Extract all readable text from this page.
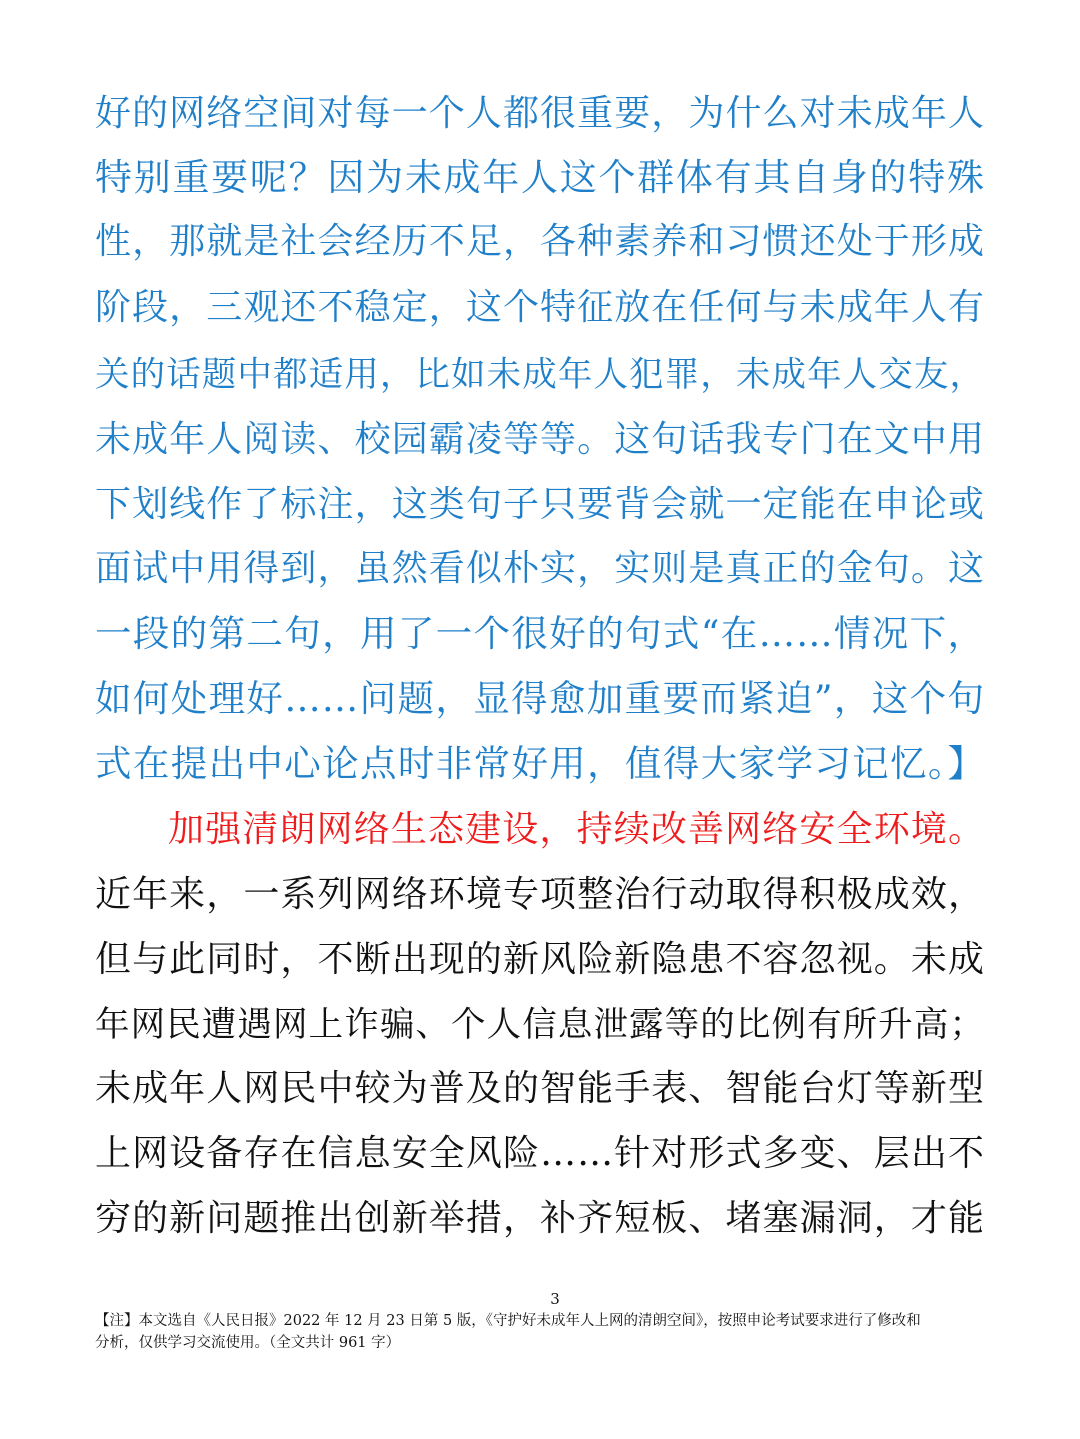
好的网络空间对每一个人都很重要，为什么对未成年人
特别重要呢？因为未成年人这个群体有其自身的特殊
性，那就是社会经历不足，各种素养和习惯还处于形成
阶段，三观还不稳定，这个特征放在任何与未成年人有
关的话题中都适用，比如未成年人犯罪，未成年人交友，
未成年人阅读、校园霸凌等等。这句话我专门在文中用
下划线作了标注，这类句子只要背会就一定能在申论或
面试中用得到，虽然看似朴实，实则是真正的金句。这
一段的第二句，用了一个很好的句式“在……情况下，
如何处理好……问题，显得愈加重要而紧迫”，这个句
式在提出中心论点时非常好用，值得大家学习记忆。】
加强清朗网络生态建设，持续改善网络安全环境。
近年来，一系列网络环境专项整治行动取得积极成效，
但与此同时，不断出现的新风险新隐患不容忽视。未成
年网民遭遇网上诈骗、个人信息泄露等的比例有所升高；
未成年人网民中较为普及的智能手表、智能台灯等新型
上网设备存在信息安全风险……针对形式多变、层出不
穷的新问题推出创新举措，补齐短板、堵塞漏洞，才能
3
【注】本文选自《人民日报》2022 年 12 月 23 日第 5 版，《守护好未成年人上网的清朗空间》，按照申论考试要求进行了修改和
分析，仅供学习交流使用。（全文共计 961 字）
